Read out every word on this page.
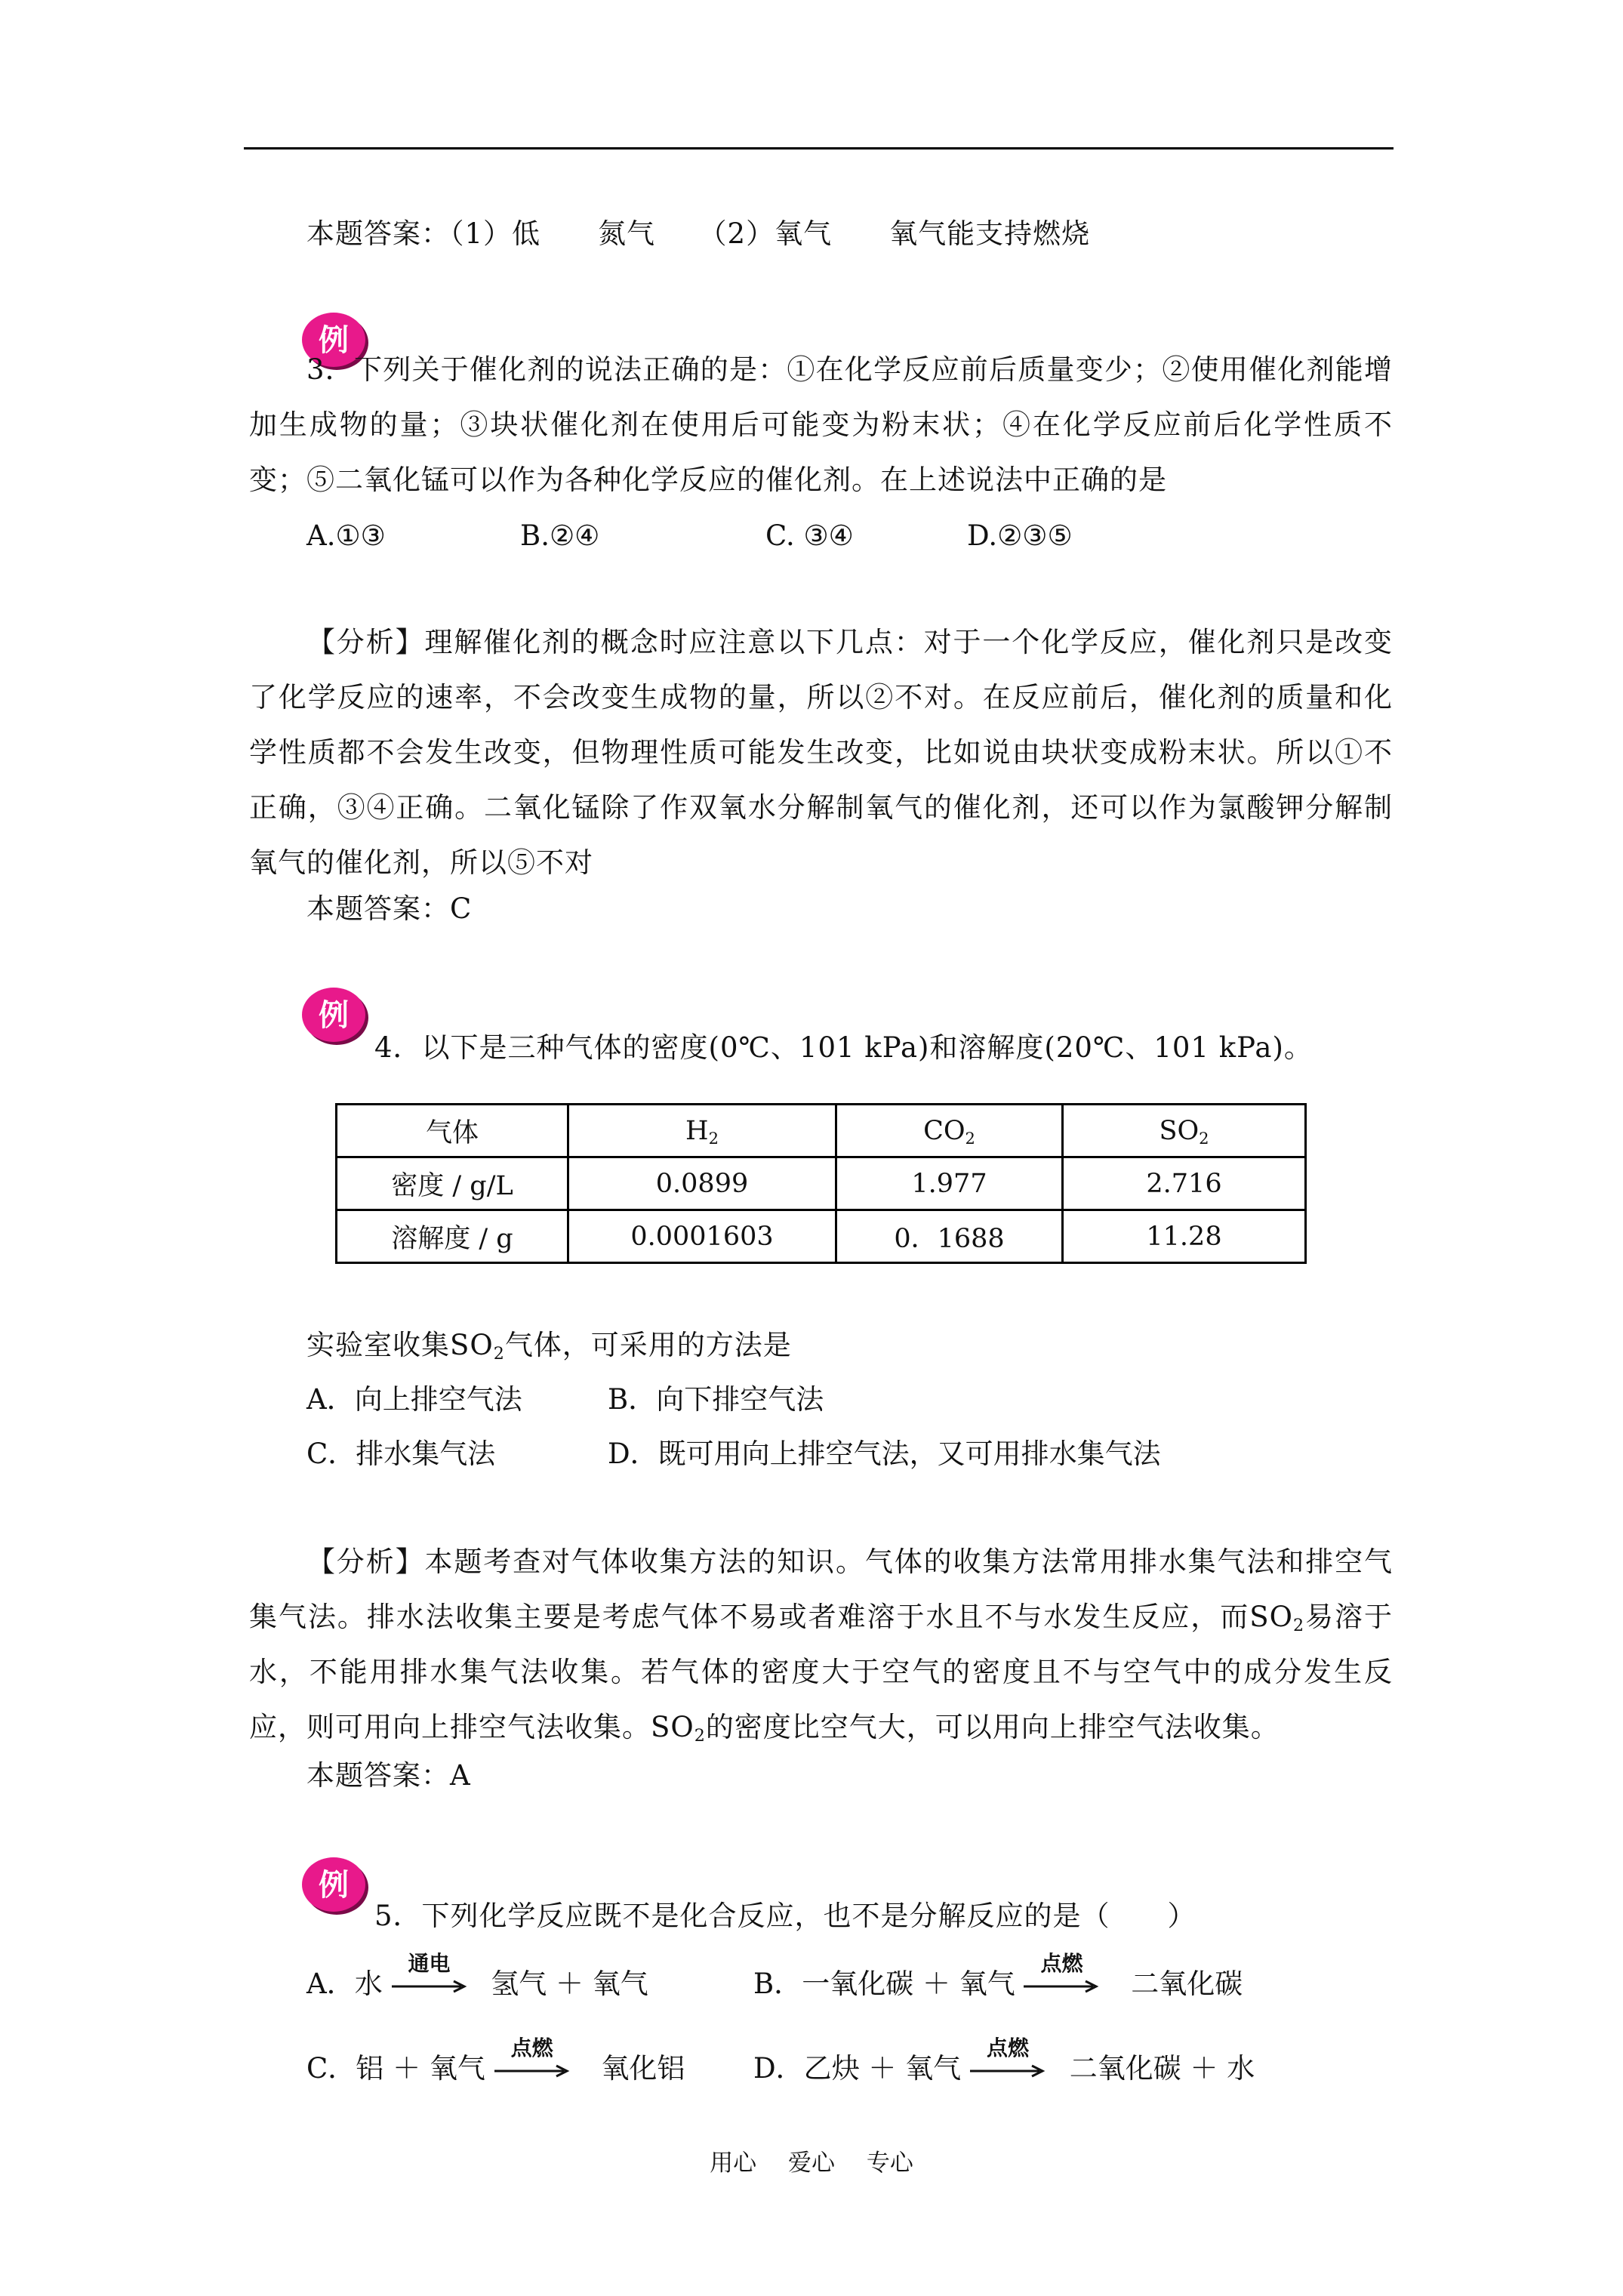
本题答案：（1）低　　氮气　　（2）氧气　　氧气能支持燃烧
例
3．下列关于催化剂的说法正确的是：①在化学反应前后质量变少；②使用催化剂能增加生成物的量；③块状催化剂在使用后可能变为粉末状；④在化学反应前后化学性质不变；⑤二氧化锰可以作为各种化学反应的催化剂。在上述说法中正确的是
A.①③	B.②④	C. ③④	D.②③⑤
【分析】理解催化剂的概念时应注意以下几点：对于一个化学反应，催化剂只是改变了化学反应的速率，不会改变生成物的量，所以②不对。在反应前后，催化剂的质量和化学性质都不会发生改变，但物理性质可能发生改变，比如说由块状变成粉末状。所以①不正确，③④正确。二氧化锰除了作双氧水分解制氧气的催化剂，还可以作为氯酸钾分解制氧气的催化剂，所以⑤不对
本题答案：C
例
4．以下是三种气体的密度(0℃、101 kPa)和溶解度(20℃、101 kPa)。
气体	$H_2$	$CO_2$	$SO_2$
密度 / g/L	0.0899	1.977	2.716
溶解度 / g	0.0001603	0．1688	11.28
实验室收集$SO_2$气体，可采用的方法是
A．向上排空气法	B．向下排空气法
C．排水集气法	D．既可用向上排空气法，又可用排水集气法
【分析】本题考查对气体收集方法的知识。气体的收集方法常用排水集气法和排空气集气法。排水法收集主要是考虑气体不易或者难溶于水且不与水发生反应，而$SO_2$易溶于水，不能用排水集气法收集。若气体的密度大于空气的密度且不与空气中的成分发生反应，则可用向上排空气法收集。$SO_2$的密度比空气大，可以用向上排空气法收集。
本题答案：A
例
5．下列化学反应既不是化合反应，也不是分解反应的是（　　）
A．水
通电
氢气 ＋ 氧气	B．一氧化碳 ＋ 氧气
点燃
二氧化碳
C．铝 ＋ 氧气
点燃
氧化铝 D．乙炔 ＋ 氧气
点燃
二氧化碳 ＋ 水
用心 爱心 专心
